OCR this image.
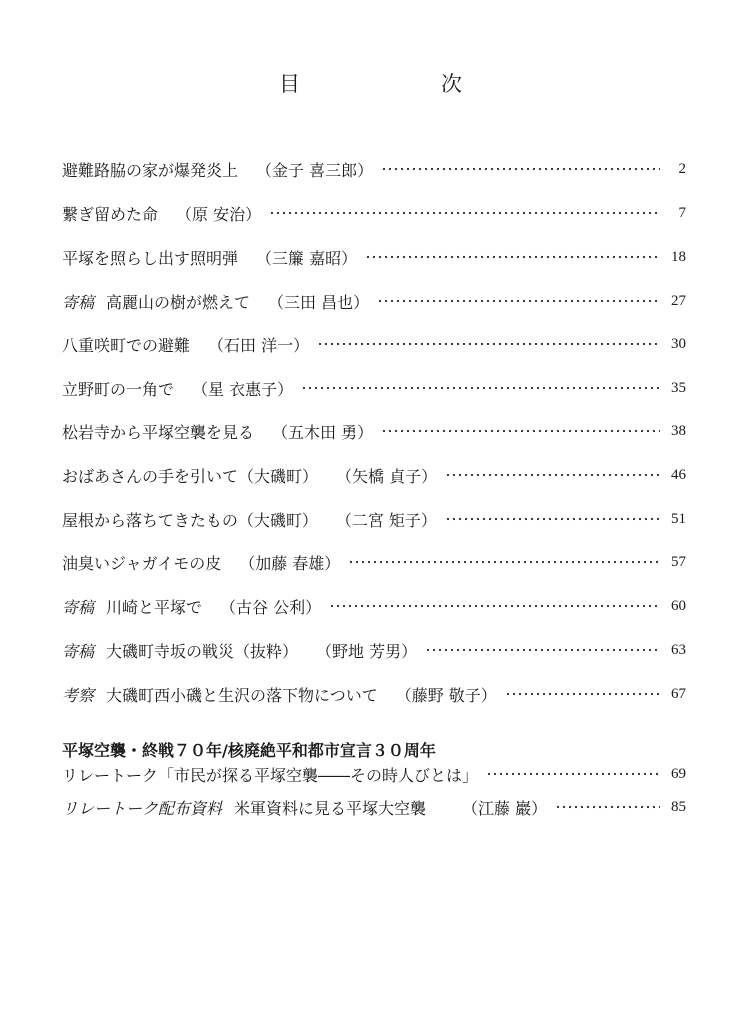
目　次
避難路脇の家が爆発炎上 （金子 喜三郎）	2
繋ぎ留めた命 （原 安治）	7
平塚を照らし出す照明弾 （三簾 嘉昭）	18
寄稿 高麗山の樹が燃えて （三田 昌也）	27
八重咲町での避難 （石田 洋一）	30
立野町の一角で （星 衣惠子）	35
松岩寺から平塚空襲を見る （五木田 勇）	38
おばあさんの手を引いて（大磯町） （矢橋 貞子）	46
屋根から落ちてきたもの（大磯町） （二宮 矩子）	51
油臭いジャガイモの皮 （加藤 春雄）	57
寄稿 川崎と平塚で （古谷 公利）	60
寄稿 大磯町寺坂の戦災（抜粋） （野地 芳男）	63
考察 大磯町西小磯と生沢の落下物について （藤野 敬子）	67
平塚空襲・終戦７０年/核廃絶平和都市宣言３０周年
リレートーク「市民が探る平塚空襲――その時人びとは」	69
リレートーク配布資料 米軍資料に見る平塚大空襲 （江藤 巖）	85
